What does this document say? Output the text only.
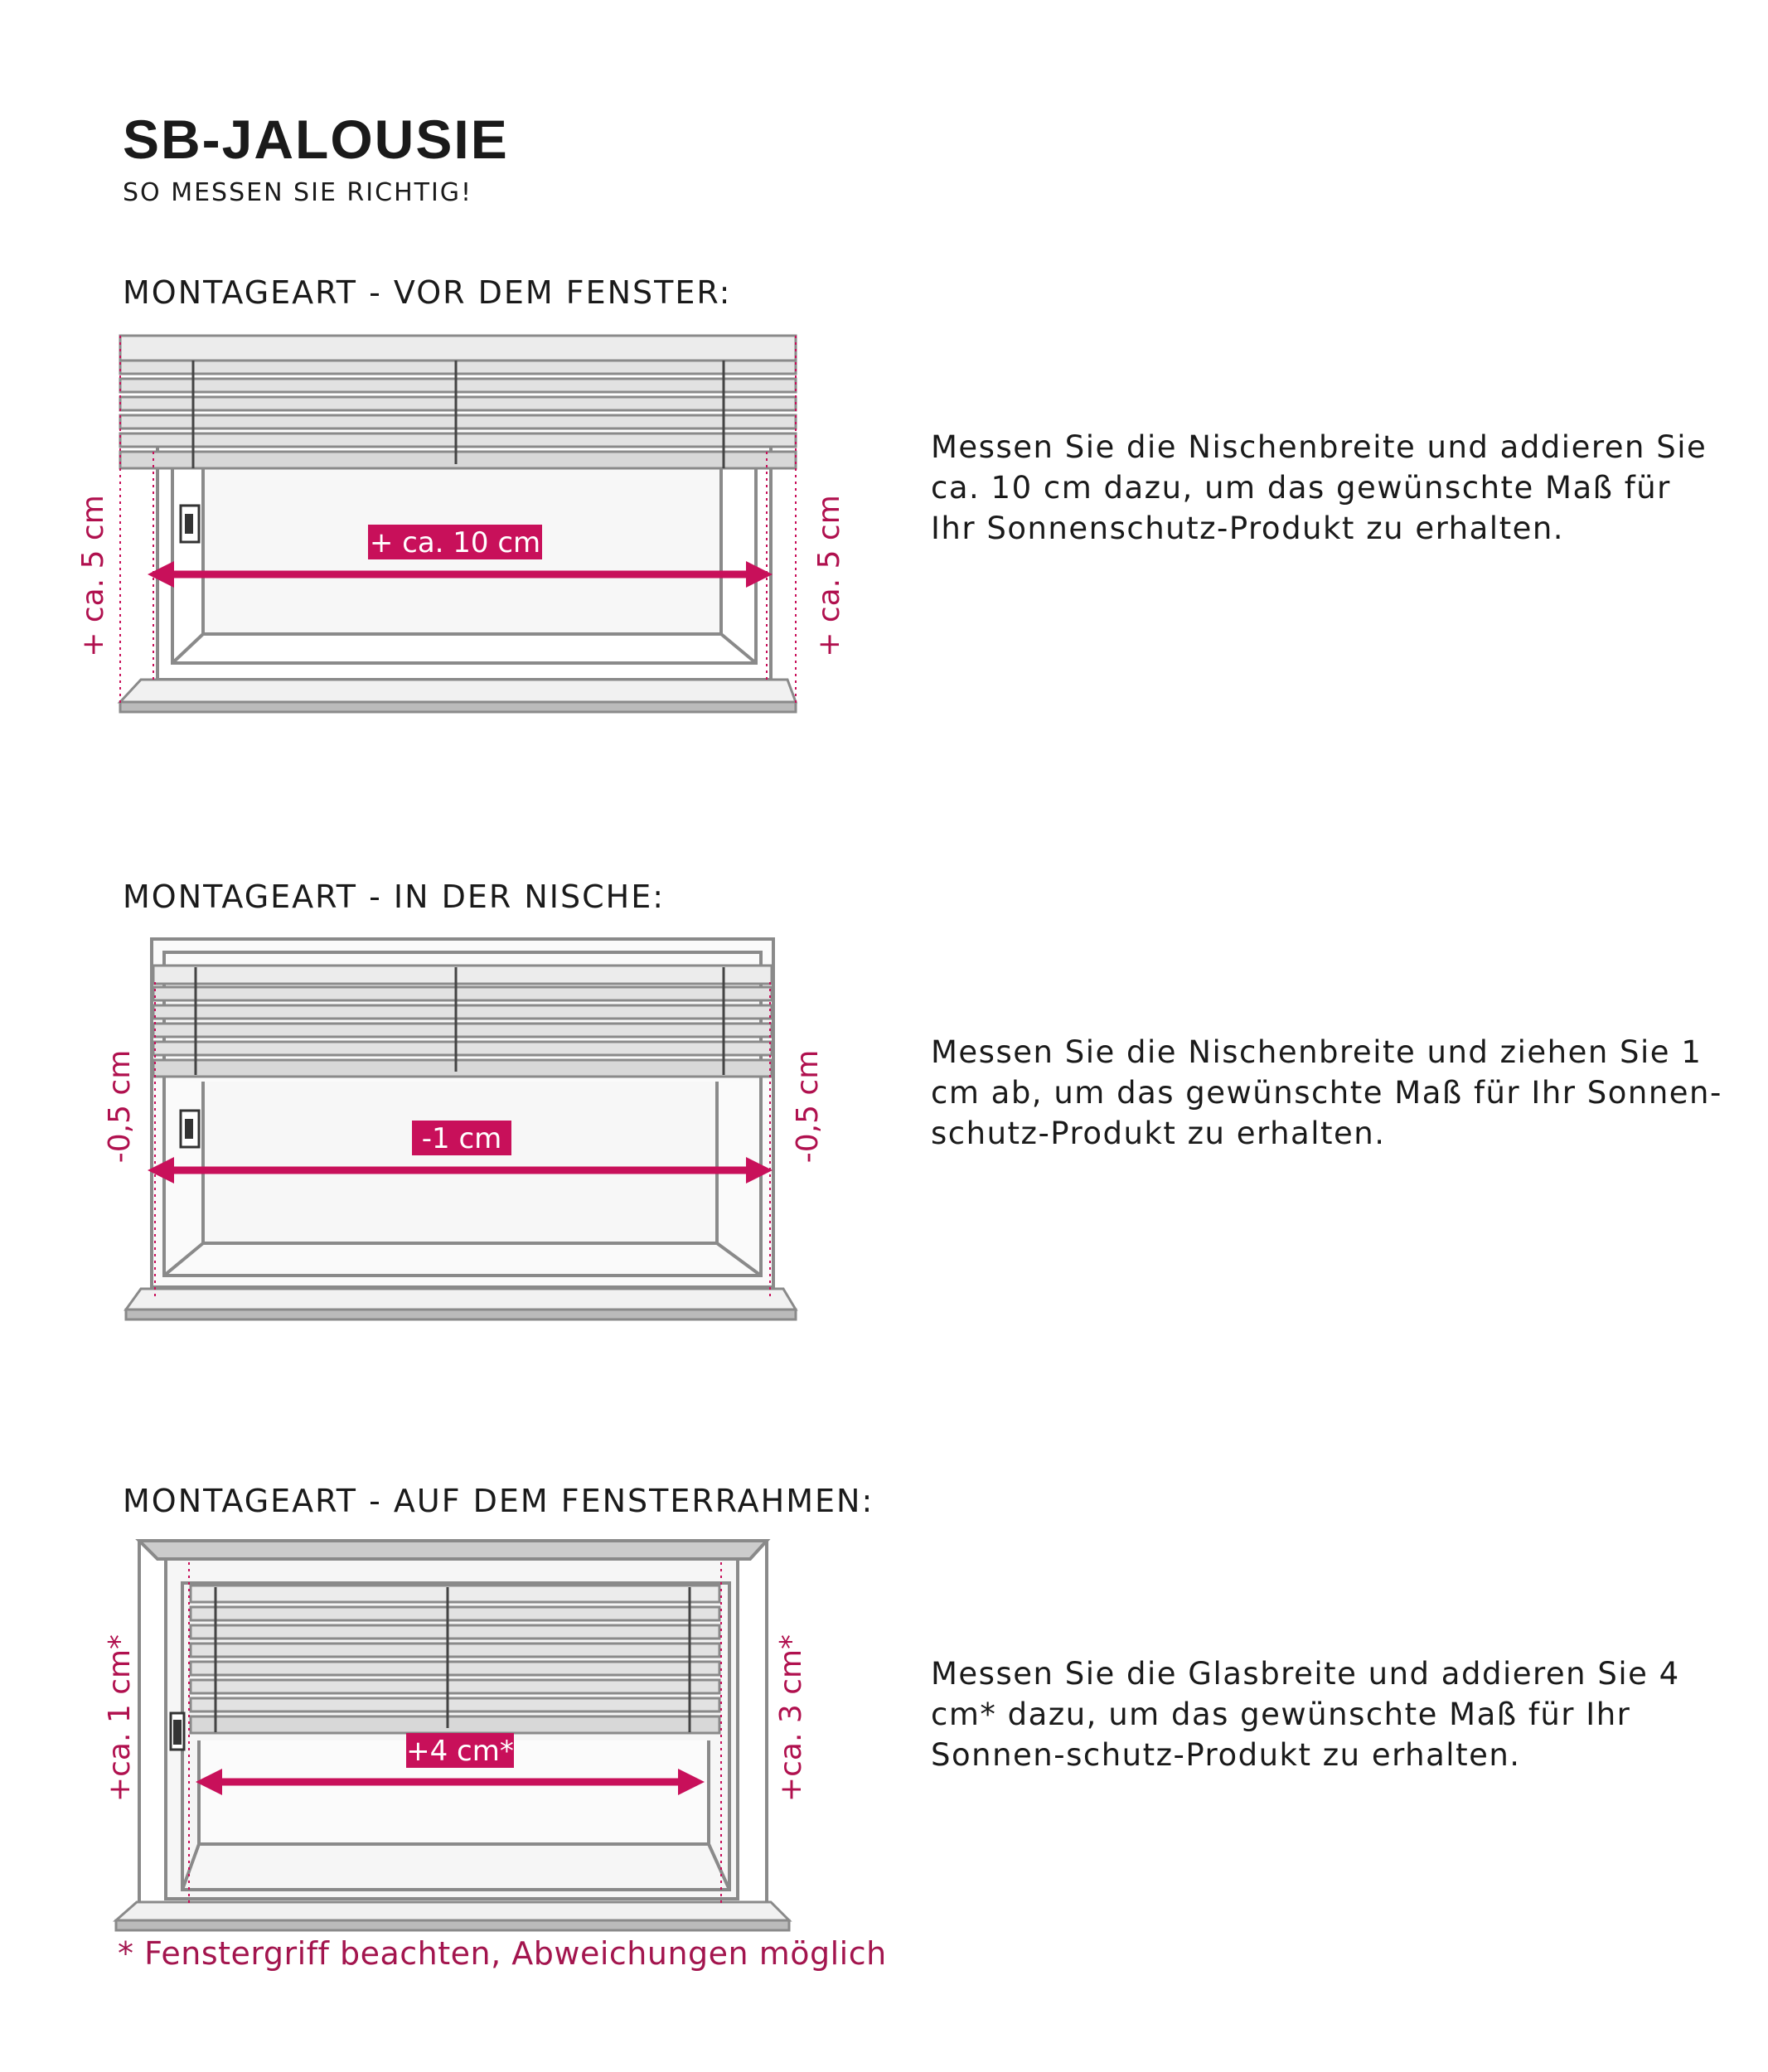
SB-JALOUSIE
SO MESSEN SIE RICHTIG!
MONTAGEART - VOR DEM FENSTER:
+ ca. 10 cm
+ ca. 5 cm	+ ca. 5 cm

Messen Sie die Nischenbreite und addieren Sie ca. 10 cm dazu, um das gewünschte Maß für Ihr Sonnenschutz-Produkt zu erhalten.

MONTAGEART - IN DER NISCHE:
-1 cm
-0,5 cm	-0,5 cm	Messen Sie die Nischenbreite und ziehen Sie 1 cm ab, um das gewünschte Maß für Ihr Sonnen-schutz-Produkt zu erhalten.

MONTAGEART - AUF DEM FENSTERRAHMEN:
+4 cm*
+ca. 1 cm*	+ca. 3 cm*	Messen Sie die Glasbreite und addieren Sie 4 cm* dazu, um das gewünschte Maß für Ihr Sonnen-schutz-Produkt zu erhalten.

* Fenstergriff beachten, Abweichungen möglich
